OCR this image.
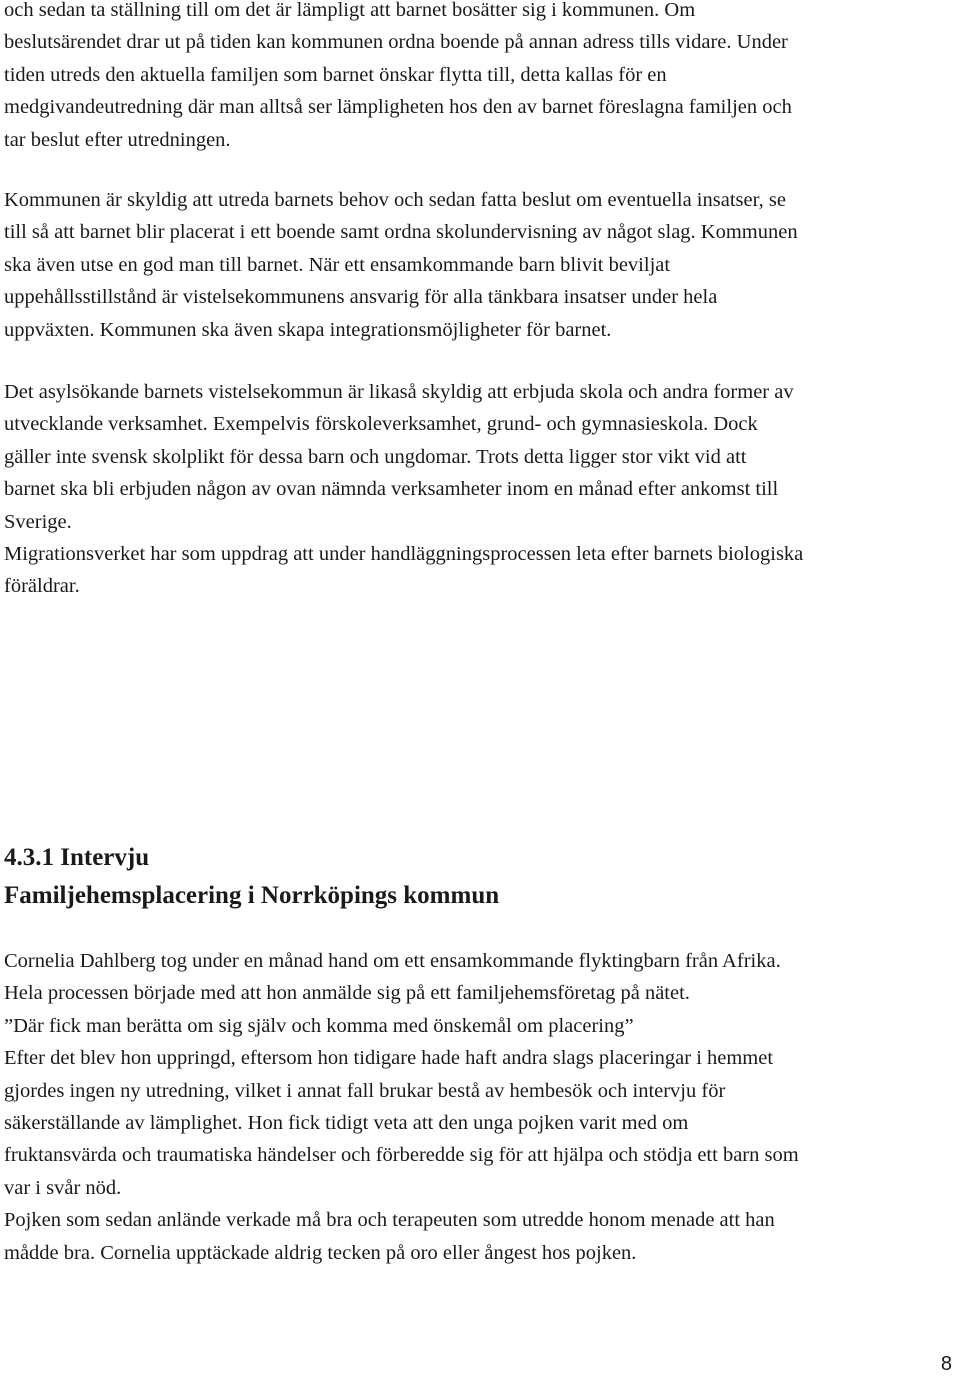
och sedan ta ställning till om det är lämpligt att barnet bosätter sig i kommunen. Om
beslutsärendet drar ut på tiden kan kommunen ordna boende på annan adress tills vidare. Under
tiden utreds den aktuella familjen som barnet önskar flytta till, detta kallas för en
medgivandeutredning där man alltså ser lämpligheten hos den av barnet föreslagna familjen och
tar beslut efter utredningen.
Kommunen är skyldig att utreda barnets behov och sedan fatta beslut om eventuella insatser, se
till så att barnet blir placerat i ett boende samt ordna skolundervisning av något slag. Kommunen
ska även utse en god man till barnet. När ett ensamkommande barn blivit beviljat
uppehållsstillstånd är vistelsekommunens ansvarig för alla tänkbara insatser under hela
uppväxten. Kommunen ska även skapa integrationsmöjligheter för barnet.
Det asylsökande barnets vistelsekommun är likaså skyldig att erbjuda skola och andra former av
utvecklande verksamhet. Exempelvis förskoleverksamhet, grund- och gymnasieskola. Dock
gäller inte svensk skolplikt för dessa barn och ungdomar. Trots detta ligger stor vikt vid att
barnet ska bli erbjuden någon av ovan nämnda verksamheter inom en månad efter ankomst till
Sverige.
Migrationsverket har som uppdrag att under handläggningsprocessen leta efter barnets biologiska
föräldrar.
4.3.1 Intervju
Familjehemsplacering i Norrköpings kommun
Cornelia Dahlberg tog under en månad hand om ett ensamkommande flyktingbarn från Afrika.
Hela processen började med att hon anmälde sig på ett familjehemsföretag på nätet.
”Där fick man berätta om sig själv och komma med önskemål om placering”
Efter det blev hon uppringd, eftersom hon tidigare hade haft andra slags placeringar i hemmet
gjordes ingen ny utredning, vilket i annat fall brukar bestå av hembesök och intervju för
säkerställande av lämplighet. Hon fick tidigt veta att den unga pojken varit med om
fruktansvärda och traumatiska händelser och förberedde sig för att hjälpa och stödja ett barn som
var i svår nöd.
Pojken som sedan anlände verkade må bra och terapeuten som utredde honom menade att han
mådde bra. Cornelia upptäckade aldrig tecken på oro eller ångest hos pojken.
8
